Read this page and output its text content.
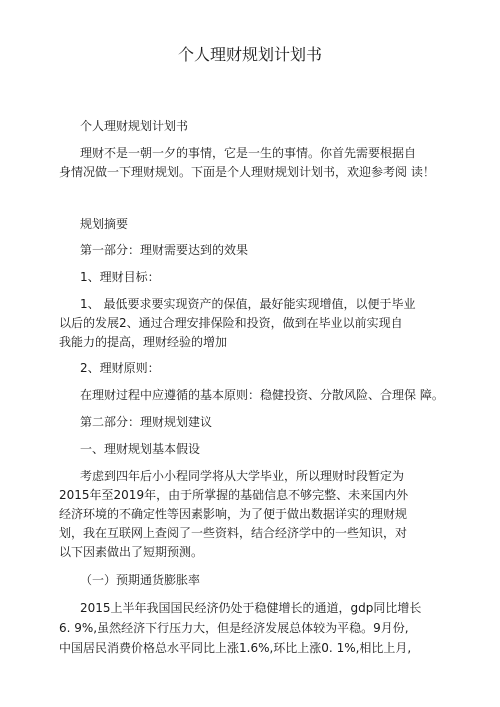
个人理财规划计划书
个人理财规划计划书
理财不是一朝一夕的事情，它是一生的事情。你首先需要根据自
身情况做一下理财规划。下面是个人理财规划计划书，欢迎参考阅 读！
规划摘要
第一部分：理财需要达到的效果
1、理财目标：
1、 最低要求要实现资产的保值，最好能实现增值，以便于毕业
以后的发展2、通过合理安排保险和投资，做到在毕业以前实现自
我能力的提高，理财经验的增加
2、理财原则：
在理财过程中应遵循的基本原则：稳健投资、分散风险、合理保 障。
第二部分：理财规划建议
一、理财规划基本假设
考虑到四年后小小程同学将从大学毕业，所以理财时段暂定为
2015年至2019年，由于所掌握的基础信息不够完整、未来国内外
经济环境的不确定性等因素影响，为了便于做出数据详实的理财规
划，我在互联网上查阅了一些资料，结合经济学中的一些知识，对
以下因素做出了短期预测。
（一）预期通货膨胀率
2015上半年我国国民经济仍处于稳健增长的通道，gdp同比增长
6. 9%,虽然经济下行压力大，但是经济发展总体较为平稳。9月份,
中国居民消费价格总水平同比上涨1.6%,环比上涨0. 1%,相比上月,
